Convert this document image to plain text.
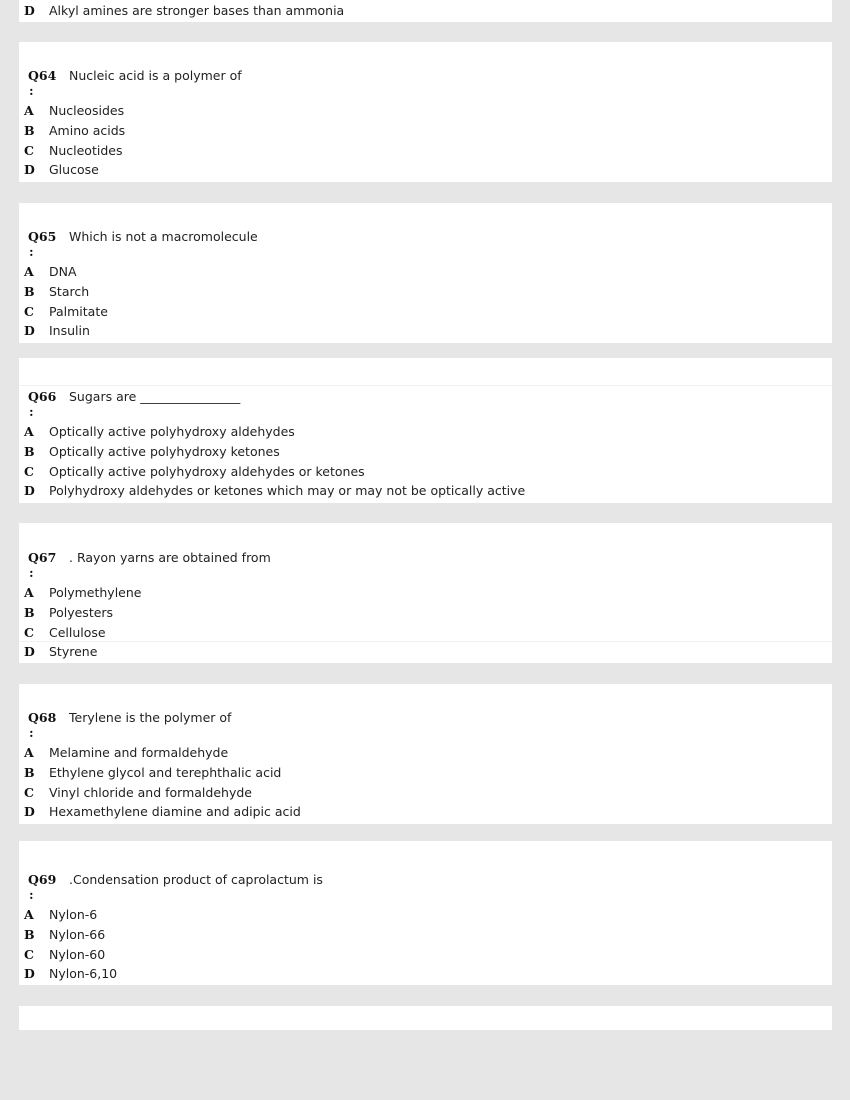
D Alkyl amines are stronger bases than ammonia
Q64
:
Nucleic acid is a polymer of
A Nucleosides
B Amino acids
C Nucleotides
D Glucose
Q65
:
Which is not a macromolecule
A DNA
B Starch
C Palmitate
D Insulin
Q66
:
Sugars are ________________
A Optically active polyhydroxy aldehydes
B Optically active polyhydroxy ketones
C Optically active polyhydroxy aldehydes or ketones
D Polyhydroxy aldehydes or ketones which may or may not be optically active
Q67
:
. Rayon yarns are obtained from
A Polymethylene
B Polyesters
C Cellulose
D Styrene
Q68
:
Terylene is the polymer of
A Melamine and formaldehyde
B Ethylene glycol and terephthalic acid
C Vinyl chloride and formaldehyde
D Hexamethylene diamine and adipic acid
Q69
:
.Condensation product of caprolactum is
A Nylon-6
B Nylon-66
C Nylon-60
D Nylon-6,10
